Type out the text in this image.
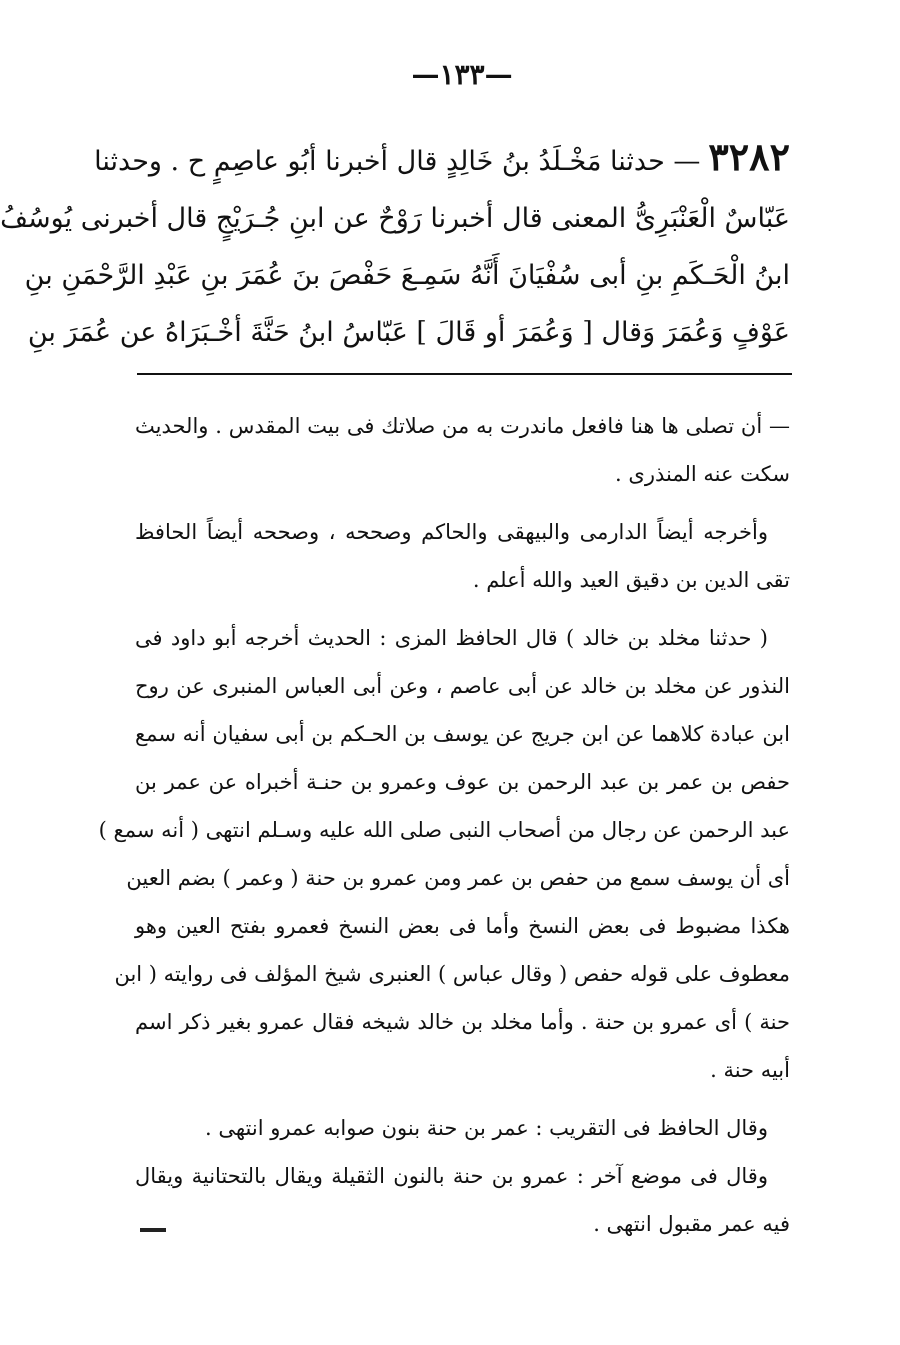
—١٣٣—
٣٢٨٢— حدثنا مَخْـلَدُ بنُ خَالِدٍ قال أخبرنا أبُو عاصِمٍ ح . وحدثنا
عَبّاسٌ الْعَنْبَرِىُّ المعنى قال أخبرنا رَوْحٌ عن ابنِ جُـرَيْجٍ قال أخبرنى يُوسُفُ
ابنُ الْحَـكَمِ بنِ أبى سُفْيَانَ أَنَّهُ سَمِـعَ حَفْصَ بنَ عُمَرَ بنِ عَبْدِ الرَّحْمَنِ بنِ
عَوْفٍ وَعُمَرَ وَقال [ وَعُمَرَ أو قَالَ ] عَبّاسُ ابنُ حَنَّةَ أخْـبَرَاهُ عن عُمَرَ بنِ
— أن تصلى ها هنا فافعل ماندرت به من صلاتك فى بيت المقدس . والحديث
سكت عنه المنذرى .
وأخرجه أيضاً الدارمى والبيهقى والحاكم وصححه ، وصححه أيضاً الحافظ
تقى الدين بن دقيق العيد والله أعلم .
( حدثنا مخلد بن خالد ) قال الحافظ المزى : الحديث أخرجه أبو داود فى
النذور عن مخلد بن خالد عن أبى عاصم ، وعن أبى العباس المنبرى عن روح
ابن عبادة كلاهما عن ابن جريج عن يوسف بن الحـكم بن أبى سفيان أنه سمع
حفص بن عمر بن عبد الرحمن بن عوف وعمرو بن حنـة أخبراه عن عمر بن
عبد الرحمن عن رجال من أصحاب النبى صلى الله عليه وسـلم انتهى ( أنه سمع )
أى أن يوسف سمع من حفص بن عمر ومن عمرو بن حنة ( وعمر ) بضم العين
هكذا مضبوط فى بعض النسخ وأما فى بعض النسخ فعمرو بفتح العين وهو
معطوف على قوله حفص ( وقال عباس ) العنبرى شيخ المؤلف فى روايته ( ابن
حنة ) أى عمرو بن حنة . وأما مخلد بن خالد شيخه فقال عمرو بغير ذكر اسم
أبيه حنة .
وقال الحافظ فى التقريب : عمر بن حنة بنون صوابه عمرو انتهى .
وقال فى موضع آخر : عمرو بن حنة بالنون الثقيلة ويقال بالتحتانية ويقال
فيه عمر مقبول انتهى .
